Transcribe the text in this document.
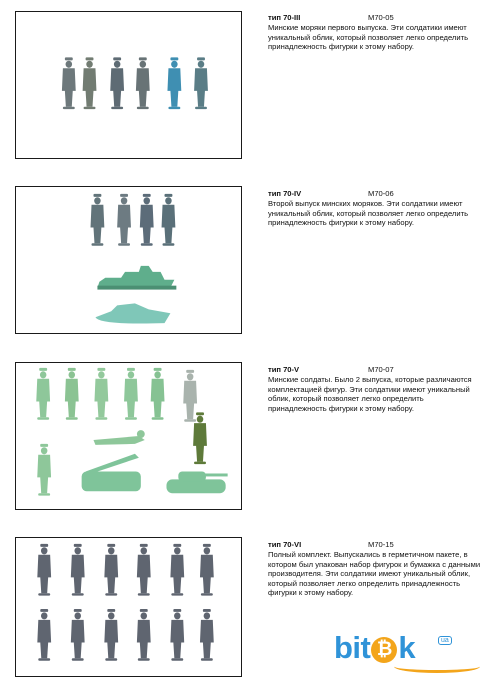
тип 70-III	М70-05
Минские моряки первого выпуска. Эти солдатики имеют уникальный облик, который позволяет легко определить принадлежность фигурки к этому набору.
тип 70-IV	М70-06
Второй выпуск минских моряков. Эти солдатики имеют уникальный облик, который позволяет легко определить принадлежность фигурки к этому набору.
тип 70-V	М70-07
Минские солдаты. Было 2 выпуска, которые различаются комплектацией фигур. Эти солдатики имеют уникальный облик, который позволяет легко определить принадлежность фигурки к этому набору.
тип 70-VI	М70-15
Полный комплект. Выпускались в герметичном пакете, в котором был упакован набор фигурок и бумажка с данными производителя. Эти солдатики имеют уникальный облик, который позволяет легко определить принадлежность фигурки к этому набору.
bit ₿ k	ua
